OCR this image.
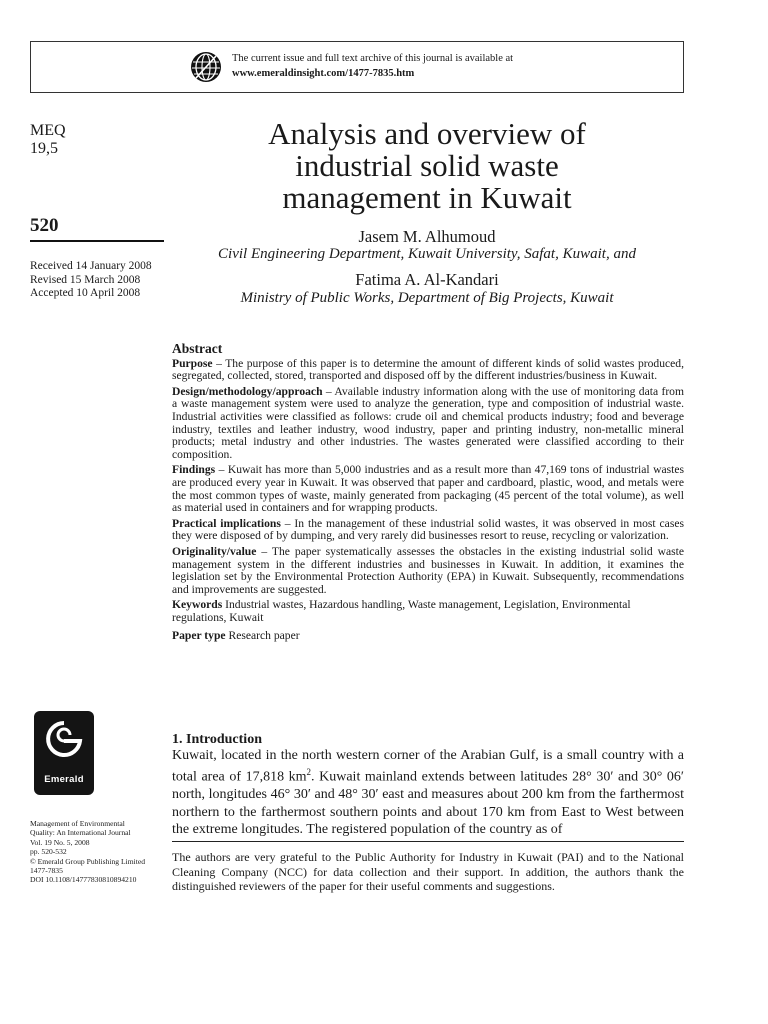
The current issue and full text archive of this journal is available at
www.emeraldinsight.com/1477-7835.htm
MEQ
19,5
520
Received 14 January 2008
Revised 15 March 2008
Accepted 10 April 2008
Analysis and overview of
industrial solid waste
management in Kuwait
Jasem M. Alhumoud
Civil Engineering Department, Kuwait University, Safat, Kuwait, and
Fatima A. Al-Kandari
Ministry of Public Works, Department of Big Projects, Kuwait
Abstract

Purpose – The purpose of this paper is to determine the amount of different kinds of solid wastes produced, segregated, collected, stored, transported and disposed off by the different industries/business in Kuwait.

Design/methodology/approach – Available industry information along with the use of monitoring data from a waste management system were used to analyze the generation, type and composition of industrial waste. Industrial activities were classified as follows: crude oil and chemical products industry; food and beverage industry, textiles and leather industry, wood industry, paper and printing industry, non-metallic mineral products; metal industry and other industries. The wastes generated were classified according to their composition.

Findings – Kuwait has more than 5,000 industries and as a result more than 47,169 tons of industrial wastes are produced every year in Kuwait. It was observed that paper and cardboard, plastic, wood, and metals were the most common types of waste, mainly generated from packaging (45 percent of the total volume), as well as material used in containers and for wrapping products.

Practical implications – In the management of these industrial solid wastes, it was observed in most cases they were disposed of by dumping, and very rarely did businesses resort to reuse, recycling or valorization.

Originality/value – The paper systematically assesses the obstacles in the existing industrial solid waste management system in the different industries and businesses in Kuwait. In addition, it examines the legislation set by the Environmental Protection Authority (EPA) in Kuwait. Subsequently, recommendations and improvements are suggested.

Keywords Industrial wastes, Hazardous handling, Waste management, Legislation, Environmental regulations, Kuwait

Paper type Research paper

1. Introduction

Kuwait, located in the north western corner of the Arabian Gulf, is a small country with a total area of 17,818 $km^2$. Kuwait mainland extends between latitudes 28° 30′ and 30° 06′ north, longitudes 46° 30′ and 48° 30′ east and measures about 200 km from the farthermost northern to the farthermost southern points and about 170 km from East to West between the extreme longitudes. The registered population of the country as of

The authors are very grateful to the Public Authority for Industry in Kuwait (PAI) and to the National Cleaning Company (NCC) for data collection and their support. In addition, the authors thank the distinguished reviewers of the paper for their useful comments and suggestions.

Emerald
Management of Environmental
Quality: An International Journal
Vol. 19 No. 5, 2008
pp. 520-532
© Emerald Group Publishing Limited
1477-7835
DOI 10.1108/14777830810894210
